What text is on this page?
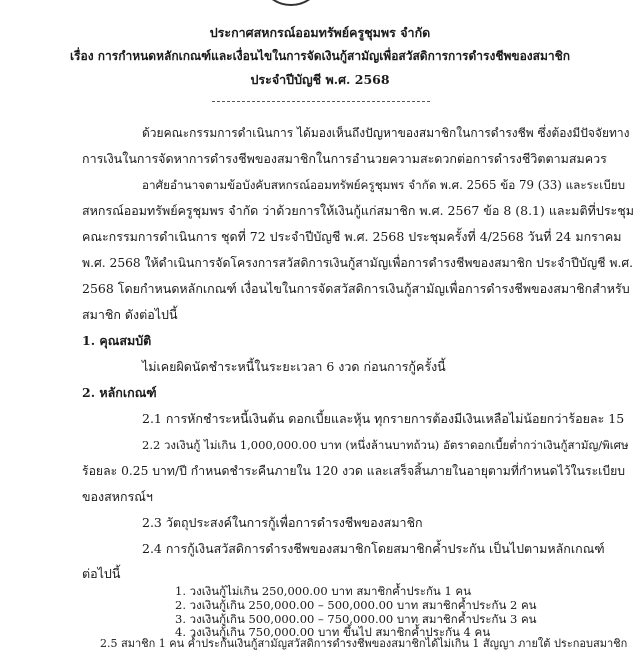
ประกาศสหกรณ์ออมทรัพย์ครูชุมพร จำกัด
เรื่อง การกำหนดหลักเกณฑ์และเงื่อนไขในการจัดเงินกู้สามัญเพื่อสวัสดิการการดำรงชีพของสมาชิก
ประจำปีบัญชี พ.ศ. 2568
ด้วยคณะกรรมการดำเนินการ ได้มองเห็นถึงปัญหาของสมาชิกในการดำรงชีพ ซึ่งต้องมีปัจจัยทาง
การเงินในการจัดหาการดำรงชีพของสมาชิกในการอำนวยความสะดวกต่อการดำรงชีวิตตามสมควร
อาศัยอำนาจตามข้อบังคับสหกรณ์ออมทรัพย์ครูชุมพร จำกัด พ.ศ. 2565 ข้อ 79 (33) และระเบียบ
สหกรณ์ออมทรัพย์ครูชุมพร จำกัด ว่าด้วยการให้เงินกู้แก่สมาชิก พ.ศ. 2567 ข้อ 8 (8.1) และมติที่ประชุม
คณะกรรมการดำเนินการ ชุดที่ 72 ประจำปีบัญชี พ.ศ. 2568 ประชุมครั้งที่ 4/2568 วันที่ 24 มกราคม
พ.ศ. 2568 ให้ดำเนินการจัดโครงการสวัสดิการเงินกู้สามัญเพื่อการดำรงชีพของสมาชิก ประจำปีบัญชี พ.ศ.
2568 โดยกำหนดหลักเกณฑ์ เงื่อนไขในการจัดสวัสดิการเงินกู้สามัญเพื่อการดำรงชีพของสมาชิกสำหรับ
สมาชิก ดังต่อไปนี้
1. คุณสมบัติ
ไม่เคยผิดนัดชำระหนี้ในระยะเวลา 6 งวด ก่อนการกู้ครั้งนี้
2. หลักเกณฑ์
2.1 การหักชำระหนี้เงินต้น ดอกเบี้ยและหุ้น ทุกรายการต้องมีเงินเหลือไม่น้อยกว่าร้อยละ 15
2.2 วงเงินกู้ ไม่เกิน 1,000,000.00 บาท (หนึ่งล้านบาทถ้วน) อัตราดอกเบี้ยต่ำกว่าเงินกู้สามัญ/พิเศษ
ร้อยละ 0.25 บาท/ปี กำหนดชำระคืนภายใน 120 งวด และเสร็จสิ้นภายในอายุตามที่กำหนดไว้ในระเบียบ
ของสหกรณ์ฯ
2.3 วัตถุประสงค์ในการกู้เพื่อการดำรงชีพของสมาชิก
2.4 การกู้เงินสวัสดิการดำรงชีพของสมาชิกโดยสมาชิกค้ำประกัน เป็นไปตามหลักเกณฑ์
ต่อไปนี้
1. วงเงินกู้ไม่เกิน 250,000.00 บาท สมาชิกค้ำประกัน 1 คน
2. วงเงินกู้เกิน 250,000.00 – 500,000.00 บาท สมาชิกค้ำประกัน 2 คน
3. วงเงินกู้เกิน 500,000.00 – 750,000.00 บาท สมาชิกค้ำประกัน 3 คน
4. วงเงินกู้เกิน 750,000.00 บาท ขึ้นไป สมาชิกค้ำประกัน 4 คน
2.5 สมาชิก 1 คน ค้ำประกันเงินกู้สามัญสวัสดิการดำรงชีพของสมาชิกได้ไม่เกิน 1 สัญญา ภายใต้ ประกอบสมาชิก
